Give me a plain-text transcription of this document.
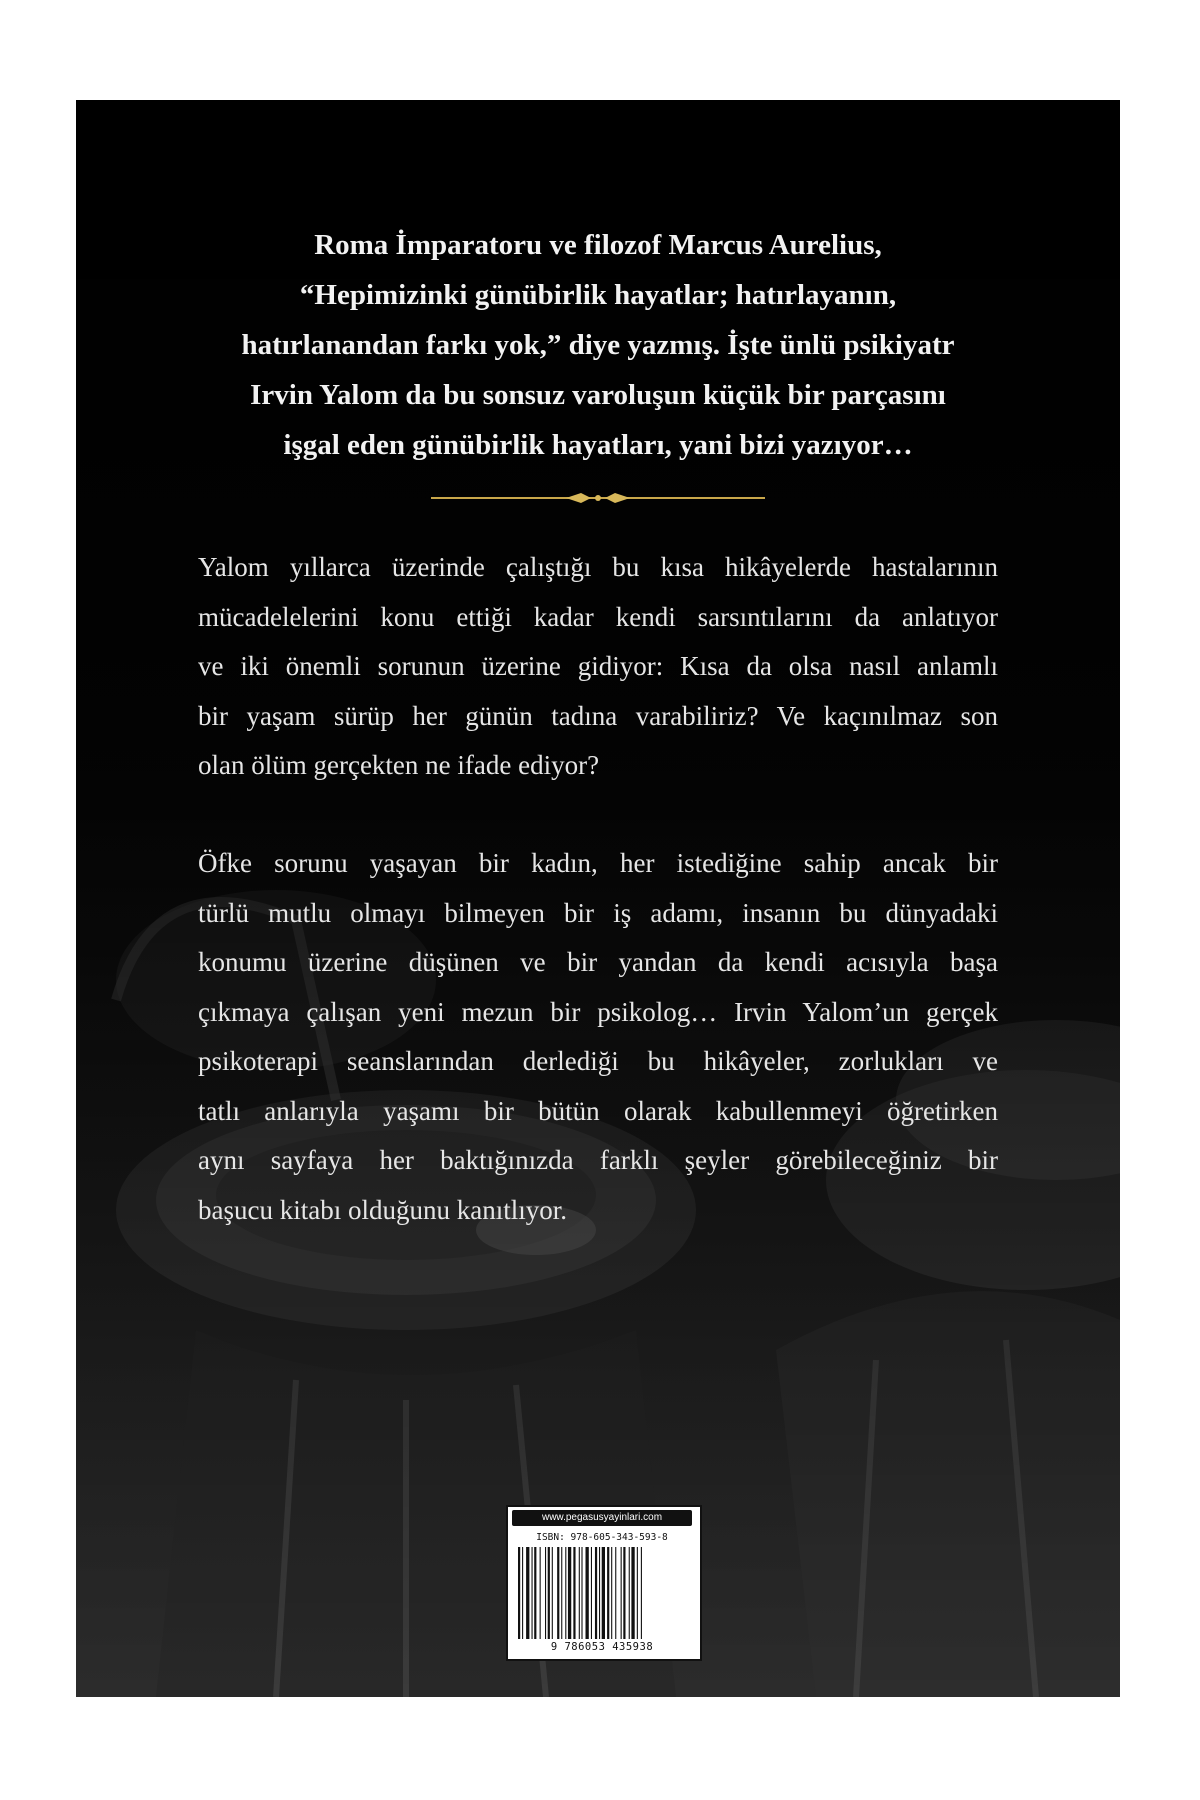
Roma İmparatoru ve filozof Marcus Aurelius,
“Hepimizinki günübirlik hayatlar; hatırlayanın,
hatırlanandan farkı yok,” diye yazmış. İşte ünlü psikiyatr
Irvin Yalom da bu sonsuz varoluşun küçük bir parçasını
işgal eden günübirlik hayatları, yani bizi yazıyor…
Yalom yıllarca üzerinde çalıştığı bu kısa hikâyelerde hastalarının
mücadelelerini konu ettiği kadar kendi sarsıntılarını da anlatıyor
ve iki önemli sorunun üzerine gidiyor: Kısa da olsa nasıl anlamlı
bir yaşam sürüp her günün tadına varabiliriz? Ve kaçınılmaz son
olan ölüm gerçekten ne ifade ediyor?
Öfke sorunu yaşayan bir kadın, her istediğine sahip ancak bir
türlü mutlu olmayı bilmeyen bir iş adamı, insanın bu dünyadaki
konumu üzerine düşünen ve bir yandan da kendi acısıyla başa
çıkmaya çalışan yeni mezun bir psikolog… Irvin Yalom’un gerçek
psikoterapi seanslarından derlediği bu hikâyeler, zorlukları ve
tatlı anlarıyla yaşamı bir bütün olarak kabullenmeyi öğretirken
aynı sayfaya her baktığınızda farklı şeyler görebileceğiniz bir
başucu kitabı olduğunu kanıtlıyor.
www.pegasusyayinlari.com
ISBN: 978-605-343-593-8
9 786053 435938
